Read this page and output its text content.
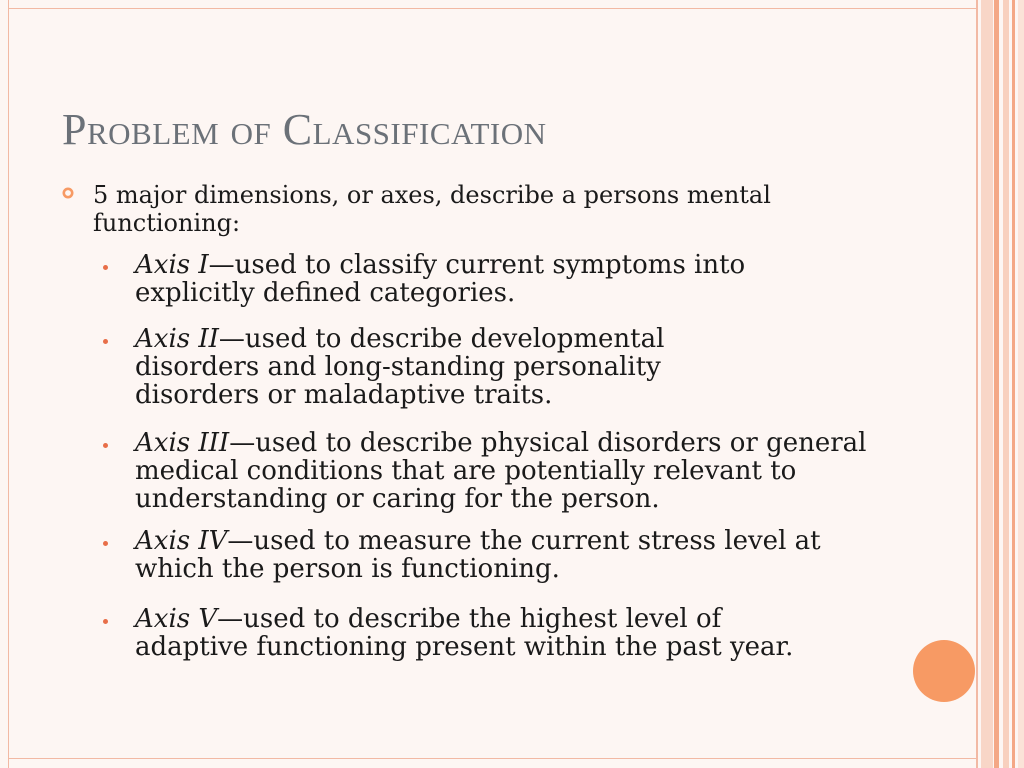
Problem of Classification

5 major dimensions, or axes, describe a persons mental functioning:

Axis I—used to classify current symptoms into explicitly defined categories.

Axis II—used to describe developmental disorders and long-standing personality disorders or maladaptive traits.

Axis III—used to describe physical disorders or general medical conditions that are potentially relevant to understanding or caring for the person.

Axis IV—used to measure the current stress level at which the person is functioning.

Axis V—used to describe the highest level of adaptive functioning present within the past year.
